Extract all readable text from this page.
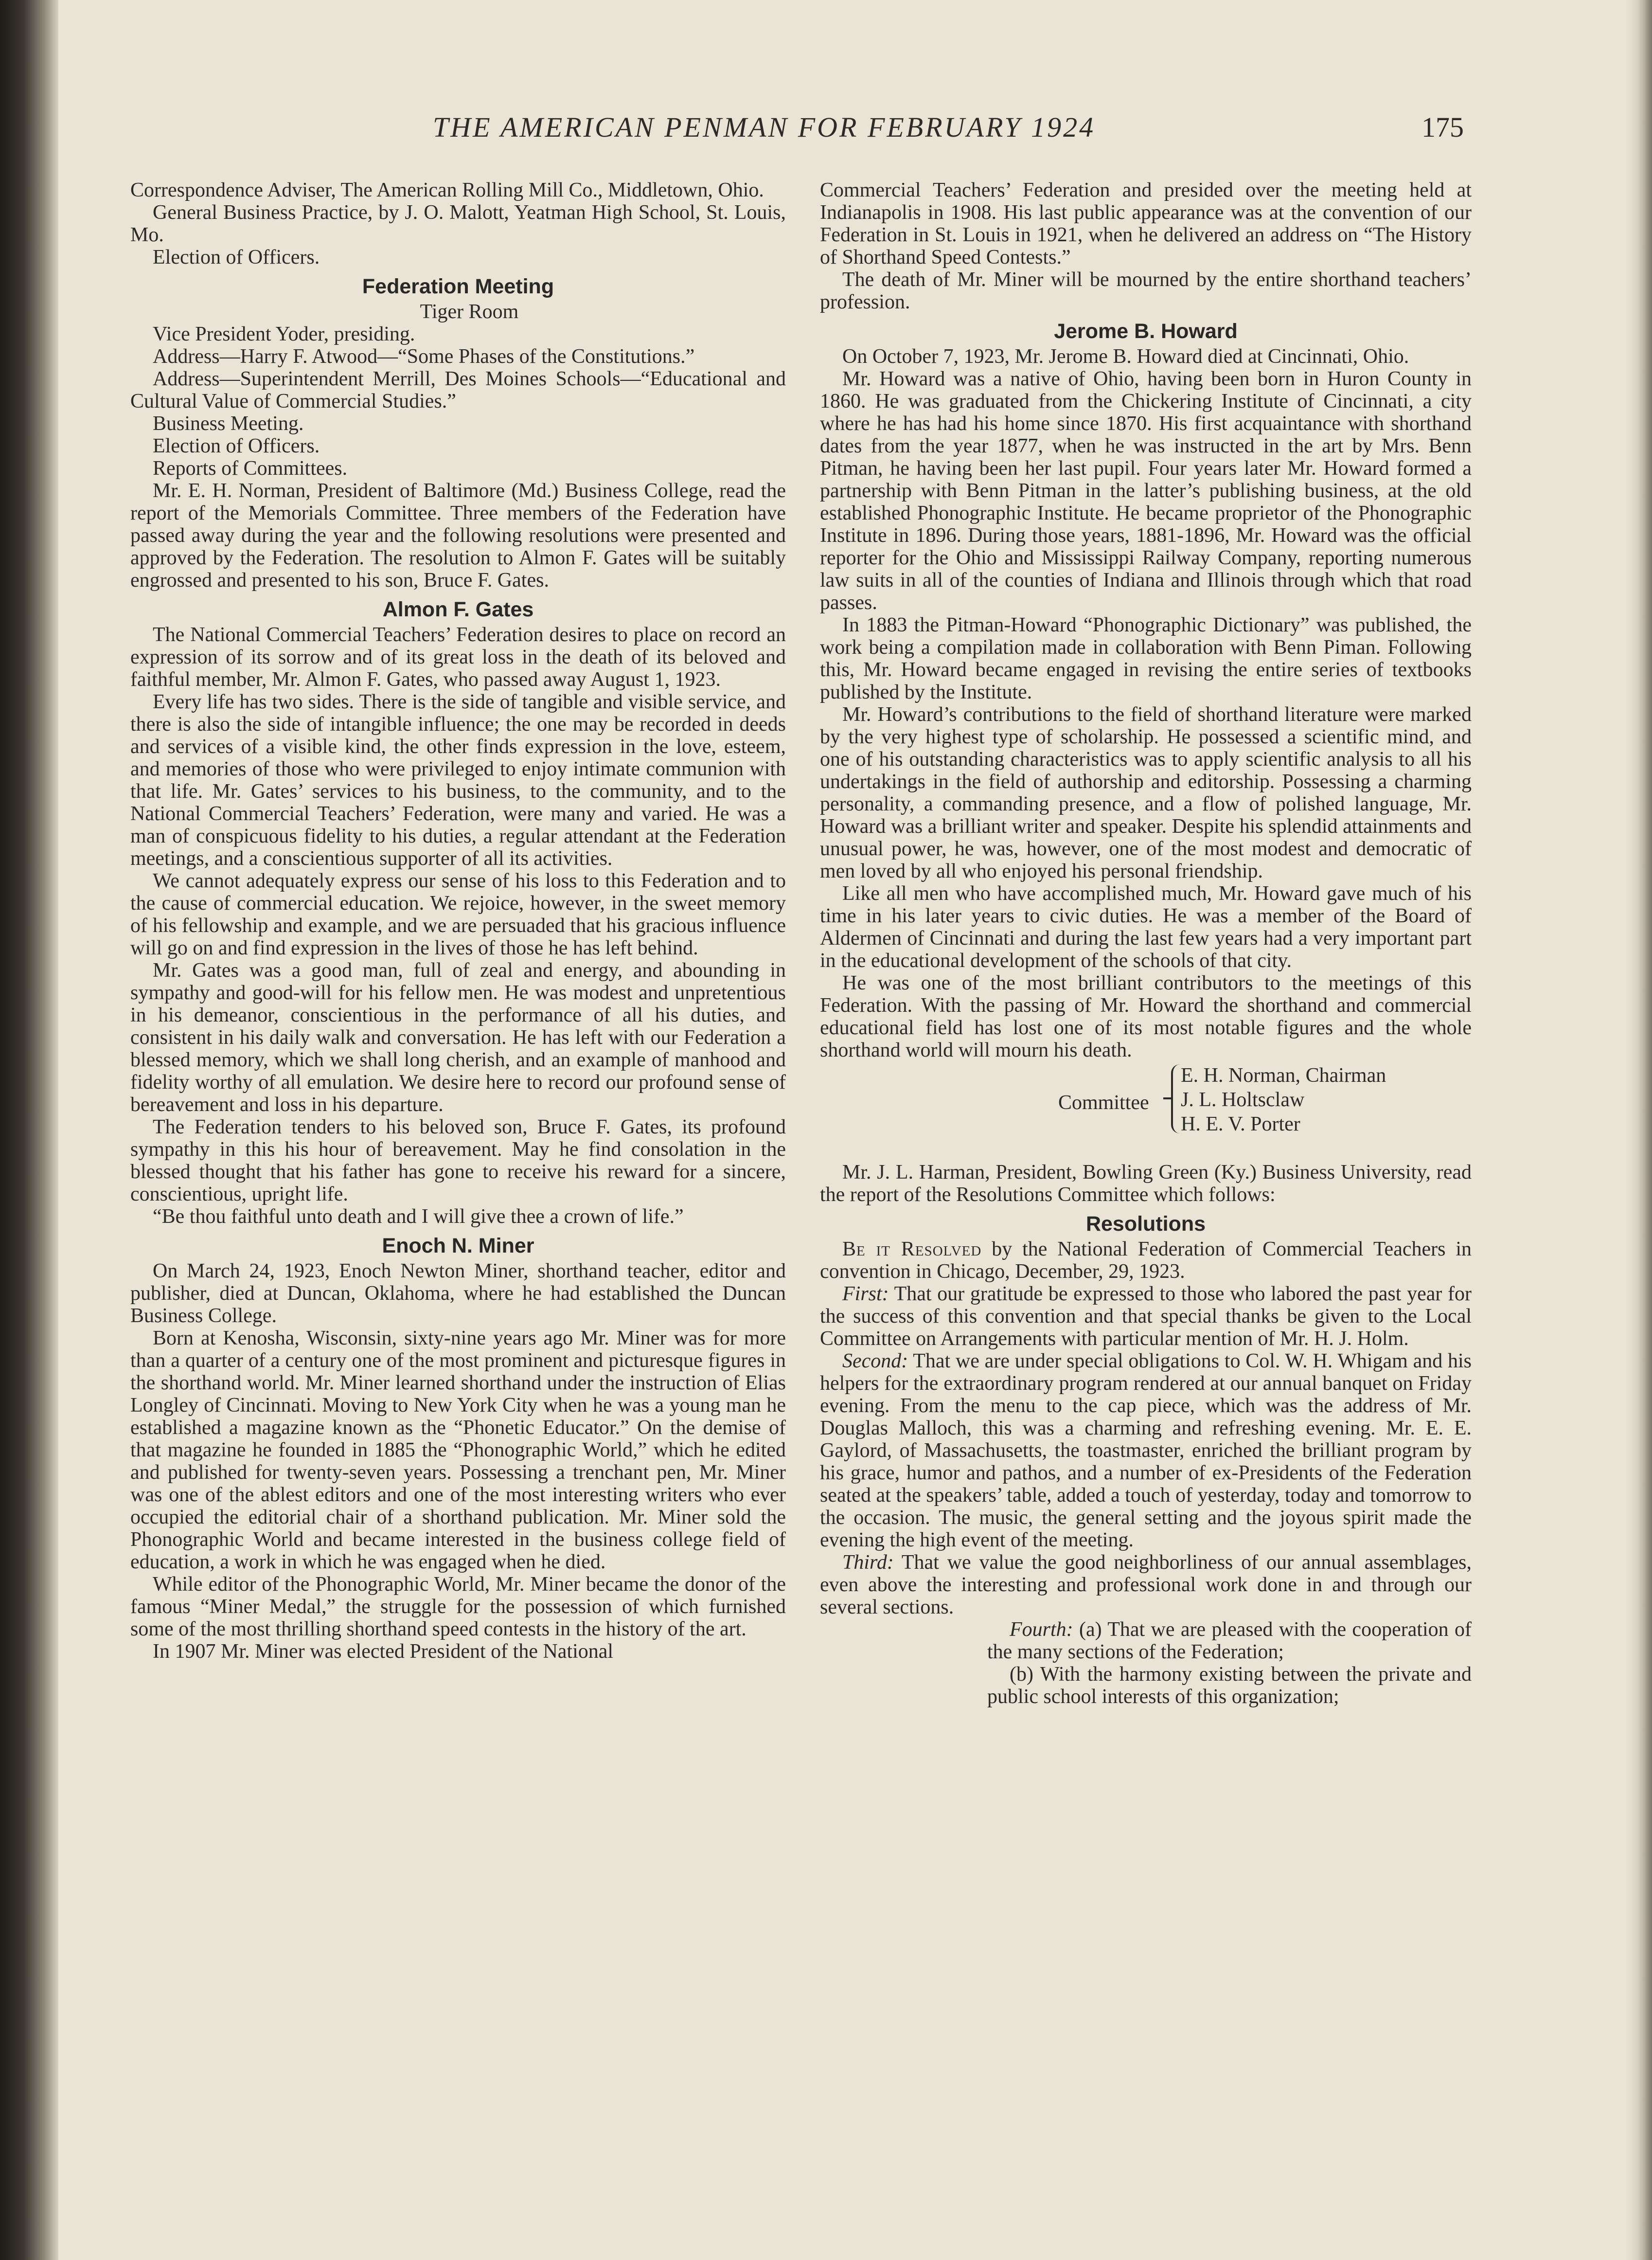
THE AMERICAN PENMAN FOR FEBRUARY 1924	175

Correspondence Adviser, The American Rolling Mill Co., Middletown, Ohio.

General Business Practice, by J. O. Malott, Yeatman High School, St. Louis, Mo.

Election of Officers.

Federation Meeting

Tiger Room

Vice President Yoder, presiding.

Address—Harry F. Atwood—“Some Phases of the Constitutions.”

Address—Superintendent Merrill, Des Moines Schools—“Educational and Cultural Value of Commercial Studies.”

Business Meeting.

Election of Officers.

Reports of Committees.

Mr. E. H. Norman, President of Baltimore (Md.) Business College, read the report of the Memorials Committee. Three members of the Federation have passed away during the year and the following resolutions were presented and approved by the Federation. The resolution to Almon F. Gates will be suitably engrossed and presented to his son, Bruce F. Gates.

Almon F. Gates

The National Commercial Teachers’ Federation desires to place on record an expression of its sorrow and of its great loss in the death of its beloved and faithful member, Mr. Almon F. Gates, who passed away August 1, 1923.

Every life has two sides. There is the side of tangible and visible service, and there is also the side of intangible influence; the one may be recorded in deeds and services of a visible kind, the other finds expression in the love, esteem, and memories of those who were privileged to enjoy intimate communion with that life. Mr. Gates’ services to his business, to the community, and to the National Commercial Teachers’ Federation, were many and varied. He was a man of conspicuous fidelity to his duties, a regular attendant at the Federation meetings, and a conscientious supporter of all its activities.

We cannot adequately express our sense of his loss to this Federation and to the cause of commercial education. We rejoice, however, in the sweet memory of his fellowship and example, and we are persuaded that his gracious influence will go on and find expression in the lives of those he has left behind.

Mr. Gates was a good man, full of zeal and energy, and abounding in sympathy and good-will for his fellow men. He was modest and unpretentious in his demeanor, conscientious in the performance of all his duties, and consistent in his daily walk and conversation. He has left with our Federation a blessed memory, which we shall long cherish, and an example of manhood and fidelity worthy of all emulation. We desire here to record our profound sense of bereavement and loss in his departure.

The Federation tenders to his beloved son, Bruce F. Gates, its profound sympathy in this his hour of bereavement. May he find consolation in the blessed thought that his father has gone to receive his reward for a sincere, conscientious, upright life.

“Be thou faithful unto death and I will give thee a crown of life.”

Enoch N. Miner

On March 24, 1923, Enoch Newton Miner, shorthand teacher, editor and publisher, died at Duncan, Oklahoma, where he had established the Duncan Business College.

Born at Kenosha, Wisconsin, sixty-nine years ago Mr. Miner was for more than a quarter of a century one of the most prominent and picturesque figures in the shorthand world. Mr. Miner learned shorthand under the instruction of Elias Longley of Cincinnati. Moving to New York City when he was a young man he established a magazine known as the “Phonetic Educator.” On the demise of that magazine he founded in 1885 the “Phonographic World,” which he edited and published for twenty-seven years. Possessing a trenchant pen, Mr. Miner was one of the ablest editors and one of the most interesting writers who ever occupied the editorial chair of a shorthand publication. Mr. Miner sold the Phonographic World and became interested in the business college field of education, a work in which he was engaged when he died.

While editor of the Phonographic World, Mr. Miner became the donor of the famous “Miner Medal,” the struggle for the possession of which furnished some of the most thrilling shorthand speed contests in the history of the art.

In 1907 Mr. Miner was elected President of the National

Commercial Teachers’ Federation and presided over the meeting held at Indianapolis in 1908. His last public appearance was at the convention of our Federation in St. Louis in 1921, when he delivered an address on “The History of Shorthand Speed Contests.”

The death of Mr. Miner will be mourned by the entire shorthand teachers’ profession.

Jerome B. Howard

On October 7, 1923, Mr. Jerome B. Howard died at Cincinnati, Ohio.

Mr. Howard was a native of Ohio, having been born in Huron County in 1860. He was graduated from the Chickering Institute of Cincinnati, a city where he has had his home since 1870. His first acquaintance with shorthand dates from the year 1877, when he was instructed in the art by Mrs. Benn Pitman, he having been her last pupil. Four years later Mr. Howard formed a partnership with Benn Pitman in the latter’s publishing business, at the old established Phonographic Institute. He became proprietor of the Phonographic Institute in 1896. During those years, 1881-1896, Mr. Howard was the official reporter for the Ohio and Mississippi Railway Company, reporting numerous law suits in all of the counties of Indiana and Illinois through which that road passes.

In 1883 the Pitman-Howard “Phonographic Dictionary” was published, the work being a compilation made in collaboration with Benn Piman. Following this, Mr. Howard became engaged in revising the entire series of textbooks published by the Institute.

Mr. Howard’s contributions to the field of shorthand literature were marked by the very highest type of scholarship. He possessed a scientific mind, and one of his outstanding characteristics was to apply scientific analysis to all his undertakings in the field of authorship and editorship. Possessing a charming personality, a commanding presence, and a flow of polished language, Mr. Howard was a brilliant writer and speaker. Despite his splendid attainments and unusual power, he was, however, one of the most modest and democratic of men loved by all who enjoyed his personal friendship.

Like all men who have accomplished much, Mr. Howard gave much of his time in his later years to civic duties. He was a member of the Board of Aldermen of Cincinnati and during the last few years had a very important part in the educational development of the schools of that city.

He was one of the most brilliant contributors to the meetings of this Federation. With the passing of Mr. Howard the shorthand and commercial educational field has lost one of its most notable figures and the whole shorthand world will mourn his death.

Committee
E. H. Norman, Chairman
J. L. Holtsclaw
H. E. V. Porter

Mr. J. L. Harman, President, Bowling Green (Ky.) Business University, read the report of the Resolutions Committee which follows:

Resolutions

Be it Resolved by the National Federation of Commercial Teachers in convention in Chicago, December, 29, 1923.

First: That our gratitude be expressed to those who labored the past year for the success of this convention and that special thanks be given to the Local Committee on Arrangements with particular mention of Mr. H. J. Holm.

Second: That we are under special obligations to Col. W. H. Whigam and his helpers for the extraordinary program rendered at our annual banquet on Friday evening. From the menu to the cap piece, which was the address of Mr. Douglas Malloch, this was a charming and refreshing evening. Mr. E. E. Gaylord, of Massachusetts, the toastmaster, enriched the brilliant program by his grace, humor and pathos, and a number of ex-Presidents of the Federation seated at the speakers’ table, added a touch of yesterday, today and tomorrow to the occasion. The music, the general setting and the joyous spirit made the evening the high event of the meeting.

Third: That we value the good neighborliness of our annual assemblages, even above the interesting and professional work done in and through our several sections.

Fourth: (a) That we are pleased with the cooperation of the many sections of the Federation;

(b) With the harmony existing between the private and public school interests of this organization;
